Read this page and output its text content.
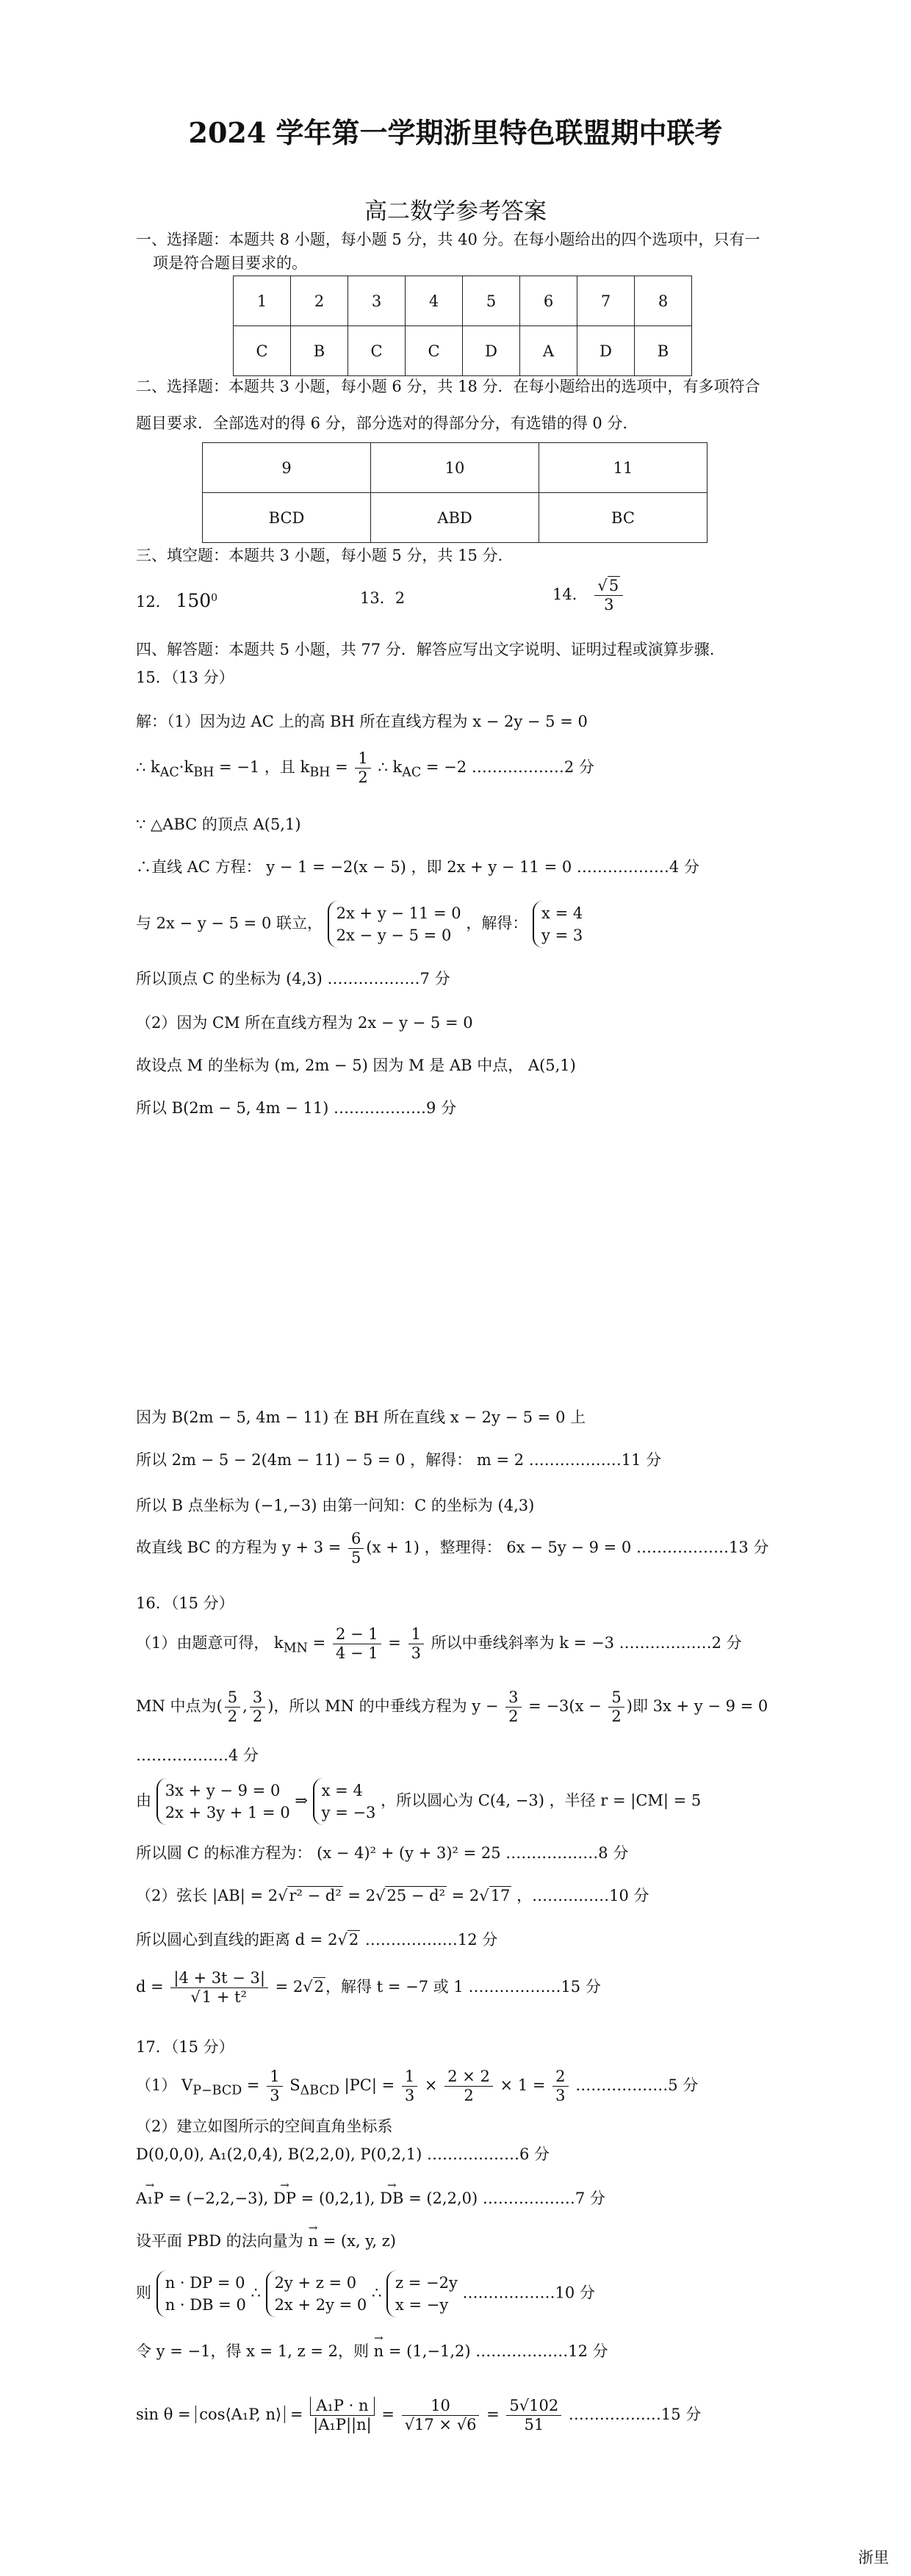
2024 学年第一学期浙里特色联盟期中联考
高二数学参考答案
一、选择题：本题共 8 小题，每小题 5 分，共 40 分。在每小题给出的四个选项中，只有一
项是符合题目要求的。
1	2	3	4	5	6	7	8
C	B	C	C	D	A	D	B
二、选择题：本题共 3 小题，每小题 6 分，共 18 分．在每小题给出的选项中，有多项符合
题目要求．全部选对的得 6 分，部分选对的得部分分，有选错的得 0 分.
9	10	11
BCD	ABD	BC
三、填空题：本题共 3 小题，每小题 5 分，共 15 分.
12． $150^0$	13．2	14． $\frac{√5}{3}$
四、解答题：本题共 5 小题，共 77 分．解答应写出文字说明、证明过程或演算步骤.
15．（13 分）
解：（1）因为边 AC 上的高 BH 所在直线方程为 x − 2y − 5 = 0
∴ $k_{AC}\cdot k_{BH} = -1$ ，且 $k_{BH} = \frac{1}{2}$ ∴ $k_{AC} = -2$ ………………2 分
∵ △ABC 的顶点 A(5,1)
∴直线 AC 方程： y − 1 = −2(x − 5) ，即 2x + y − 11 = 0 ………………4 分
与 2x − y − 5 = 0 联立， 2x + y − 11 = 0
2x − y − 5 = 0 ，解得： x = 4
y = 3
所以顶点 C 的坐标为 (4,3) ………………7 分
（2）因为 CM 所在直线方程为 2x − y − 5 = 0
故设点 M 的坐标为 (m, 2m − 5) 因为 M 是 AB 中点， A(5,1)
所以 B(2m − 5, 4m − 11) ………………9 分
因为 B(2m − 5, 4m − 11) 在 BH 所在直线 x − 2y − 5 = 0 上
所以 2m − 5 − 2(4m − 11) − 5 = 0 ，解得： m = 2 ………………11 分
所以 B 点坐标为 (−1,−3) 由第一问知：C 的坐标为 (4,3)
故直线 BC 的方程为 $y + 3 = \frac{6}{5} (x + 1)$ ，整理得： 6x − 5y − 9 = 0 ………………13 分
16．（15 分）
（1）由题意可得， $k_{MN} = \frac{2 - 1}{4 - 1} = \frac{1}{3}$ 所以中垂线斜率为 k = −3 ………………2 分
MN 中点为( $\frac{5}{2}$ , $\frac{3}{2}$ )，所以 MN 的中垂线方程为 $y - \frac{3}{2} = -3(x - \frac{5}{2}$ )即 3x + y − 9 = 0
………………4 分
由 3x + y − 9 = 0
2x + 3y + 1 = 0 ⇒ x = 4
y = −3 ，所以圆心为 C(4, −3) ，半径 r = |CM| = 5
所以圆 C 的标准方程为： (x − 4)² + (y + 3)² = 25 ………………8 分
（2）弦长 |AB| = 2√r² − d² = 2√25 − d² = 2√17 ，……………10 分
所以圆心到直线的距离 d = 2√2 ………………12 分
$d = \frac{|4 + 3t - 3|}{\text{√1 + t²}} = 2√2$，解得 t = −7 或 1 ………………15 分
17．（15 分）
（1） $V_{P-BCD} = \frac{1}{3} S_{\Delta BCD}$ $|PC| = \frac{1}{3} \times \frac{2 \times 2}{2} \times 1 = \frac{2}{3}$ ………………5 分
（2）建立如图所示的空间直角坐标系
D(0,0,0), A₁(2,0,4), B(2,2,0), P(0,2,1) ………………6 分
→ A₁P = (−2,2,−3), → DP = (0,2,1), → DB = (2,2,0) ………………7 分
设平面 PBD 的法向量为 → n = (x, y, z)
则 n · DP = 0
n · DB = 0 ∴ 2y + z = 0
2x + 2y = 0 ∴ z = −2y
x = −y ………………10 分
令 y = −1，得 x = 1, z = 2，则 → n = (1,−1,2) ………………12 分
sin θ = cos⟨A₁P, n⟩ = $\frac{\text{A₁P · n}}{\text{|A₁P||n|}} = \frac{10}{√17 \times √6} = \frac{5√102}{51}$ ………………15 分
浙里
